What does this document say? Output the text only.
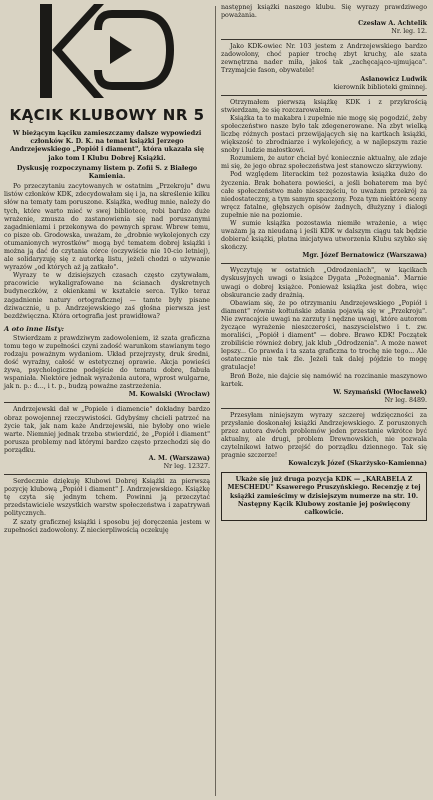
KĄCIK KLUBOWY NR 5

W bieżącym kąciku zamieszczamy dalsze wypowiedzi członków K. D. K. na temat książki Jerzego Andrzejewskiego „Popiół i diament", która ukazała się jako tom I Klubu Dobrej Książki.

Dyskusję rozpoczynamy listem p. Zofii S. z Białego Kamienia.

Po przeczytaniu zacytowanych w ostatnim „Przekroju" dwu listów członków KDK, zdecydowałam się i ja, na skreślenie kilku słów na tematy tam poruszone. Książka, według mnie, należy do tych, które warto mieć w swej bibliotece, robi bardzo duże wrażenie, zmusza do zastanowienia się nad poruszanymi zagadnieniami i przekonywa do pewnych spraw. Wbrew temu, co pisze ob. Grodowska, uważam, że „drobnie wykolejonych czy otumanionych wyrostków" mogą być tematem dobrej książki i można ją dać do czytania córce (oczywiście nie 10-cio letniej), ale solidaryzuję się z autorką listu, jeżeli chodzi o używanie wyrazów „od których aż ją zatkało".

Wyrazy te w dzisiejszych czasach często czytywałam, pracowicie wykaligrafowane na ścianach dyskretnych budyneczków, z okienkami w kształcie serca. Tylko teraz zagadnienie natury ortograficznej — tamte były pisane dziwacznie, u p. Andrzejewskiego zaś głośna pierwsza jest bezdźwięczna. Która ortografia jest prawidłowa?

A oto inne listy:

Stwierdzam z prawdziwym zadowoleniem, iż szata graficzna tomu tego w zupełności czyni zadość warunkom stawianym tego rodzaju poważnym wydaniom. Układ przejrzysty, druk średni, dość wyraźny, całość w estetycznej oprawie. Akcja powieści żywa, psychologiczne podejście do tematu dobre, fabuła wspaniała. Niektóre jednak wyrażenia autora, wprost wulgarne, jak n. p.: d..., i t. p., budzą poważne zastrzeżenia.

M. Kowalski (Wrocław)

Andrzejewski dał w „Popiele i diamencie" dokładny bardzo obraz powojennej rzeczywistości. Gdybyśmy chcieli patrzeć na życie tak, jak nam każe Andrzejewski, nie byłoby ono wiele warte. Niemniej jednak trzeba stwierdzić, że „Popiół i diament" porusza problemy nad którymi bardzo często przechodzi się do porządku.

A. M. (Warszawa)
Nr leg. 12327.

Serdecznie dziękuję Klubowi Dobrej Książki za pierwszą pozycję klubową „Popiół i diament" J. Andrzejewskiego. Książkę tę czyta się jednym tchem. Powinni ją przeczytać przedstawiciele wszystkich warstw społeczeństwa i zapatrywań politycznych.

Z szaty graficznej książki i sposobu jej doręczenia jestem w zupełności zadowolony. Z niecierpliwością oczekuję

następnej książki naszego klubu. Się wyrazy prawdziwego poważania.

Czesław A. Achtelik
Nr. leg. 12.

Jako KDK-owiec Nr. 103 jestem z Andrzejewskiego bardzo zadowolony, choć papier trochę zbyt kruchy, ale szata zewnętrzna nader miła, jakoś tak „zachęcająco-ujmująca". Trzymajcie fason, obywatele!

Aslanowicz Ludwik
kierownik biblioteki gminnej.

Otrzymałem pierwszą książkę KDK i z przykrością stwierdzam, że się rozczarowałem.

Książka ta to makabra i zupełnie nie mogę się pogodzić, żeby społeczeństwo nasze było tak zdegenerowane. Na zbyt wielką liczbę różnych postaci przewijających się na kartkach książki, większość to zbrodniarze i wykolejeńcy, a w najlepszym razie snoby i ludzie małostkowi.

Rozumiem, że autor chciał być koniecznie aktualny, ale zdaje mi się, że jego obraz społeczeństwa jest stanowczo skrzywiony.

Pod względem literackim też pozostawia książka dużo do życzenia. Brak bohatera powieści, a jeśli bohaterem ma być całe społeczeństwo mało nieszczęściu, to uważam przekrój za niedostateczny, a tym samym spaczony. Poza tym niektóre sceny wręcz fatalne, głębszych opisów żadnych, dłużyzny i dialogi zupełnie nie na poziomie.

W sumie książka pozostawia niemiłe wrażenie, a więc uważam ją za nieudaną i jeśli KDK w dalszym ciągu tak będzie dobierać książki, płatna inicjatywa utworzenia Klubu szybko się skończy.

Mgr. Józef Bernatowicz (Warszawa)

Wyczytuję w ostatnich „Odrodzeniach", w kącikach dyskusyjnych uwagi o książce Dygata „Pożegnania". Marnie uwagi o dobrej książce. Ponieważ książka jest dobra, więc obskurancie zady drażnią.

Obawiam się, że po otrzymaniu Andrzejewskiego „Popiół i diament" równie kołtuńskie zdania pojawią się w „Przekroju". Nie zwracajcie uwagi na zarzuty i nędzne uwagi, które autorom życzące wyrażenie nieszczerości, naszyscielstwo i t. zw. moraliści, „Popiół i diament" — dobre. Brawo KDK! Początek zrobiliście również dobry, jak klub „Odrodzenia". A może nawet lepszy... Co prawda i ta szata graficzna to trochę nie tego... Ale ostatecznie nie tak źle. Jeżeli tak dalej pójdzie to mogę gratulacje!

Broń Boże, nie dajcie się namówić na rozcinanie maszynowo kartek.

W. Szymański (Włocławek)
Nr leg. 8489.

Przesyłam niniejszym wyrazy szczerej wdzięczności za przysłanie doskonałej książki Andrzejewskiego. Z poruszonych przez autora dwóch problemów jeden przestanie wkrótce być aktualny, ale drugi, problem Drewnowskich, nie pozwala czytelnikowi łatwo przejść do porządku dziennego. Tak się pragnie szczerze!

Kowalczyk Józef (Skarżysko-Kamienna)

Ukaże się już druga pozycja KDK — „KARABELA Z MESCHEDU" Ksawerego Pruszyńskiego. Recenzję z tej książki zamieścimy w dzisiejszym numerze na str. 10. Następny Kącik Klubowy zostanie jej poświęcony całkowicie.
